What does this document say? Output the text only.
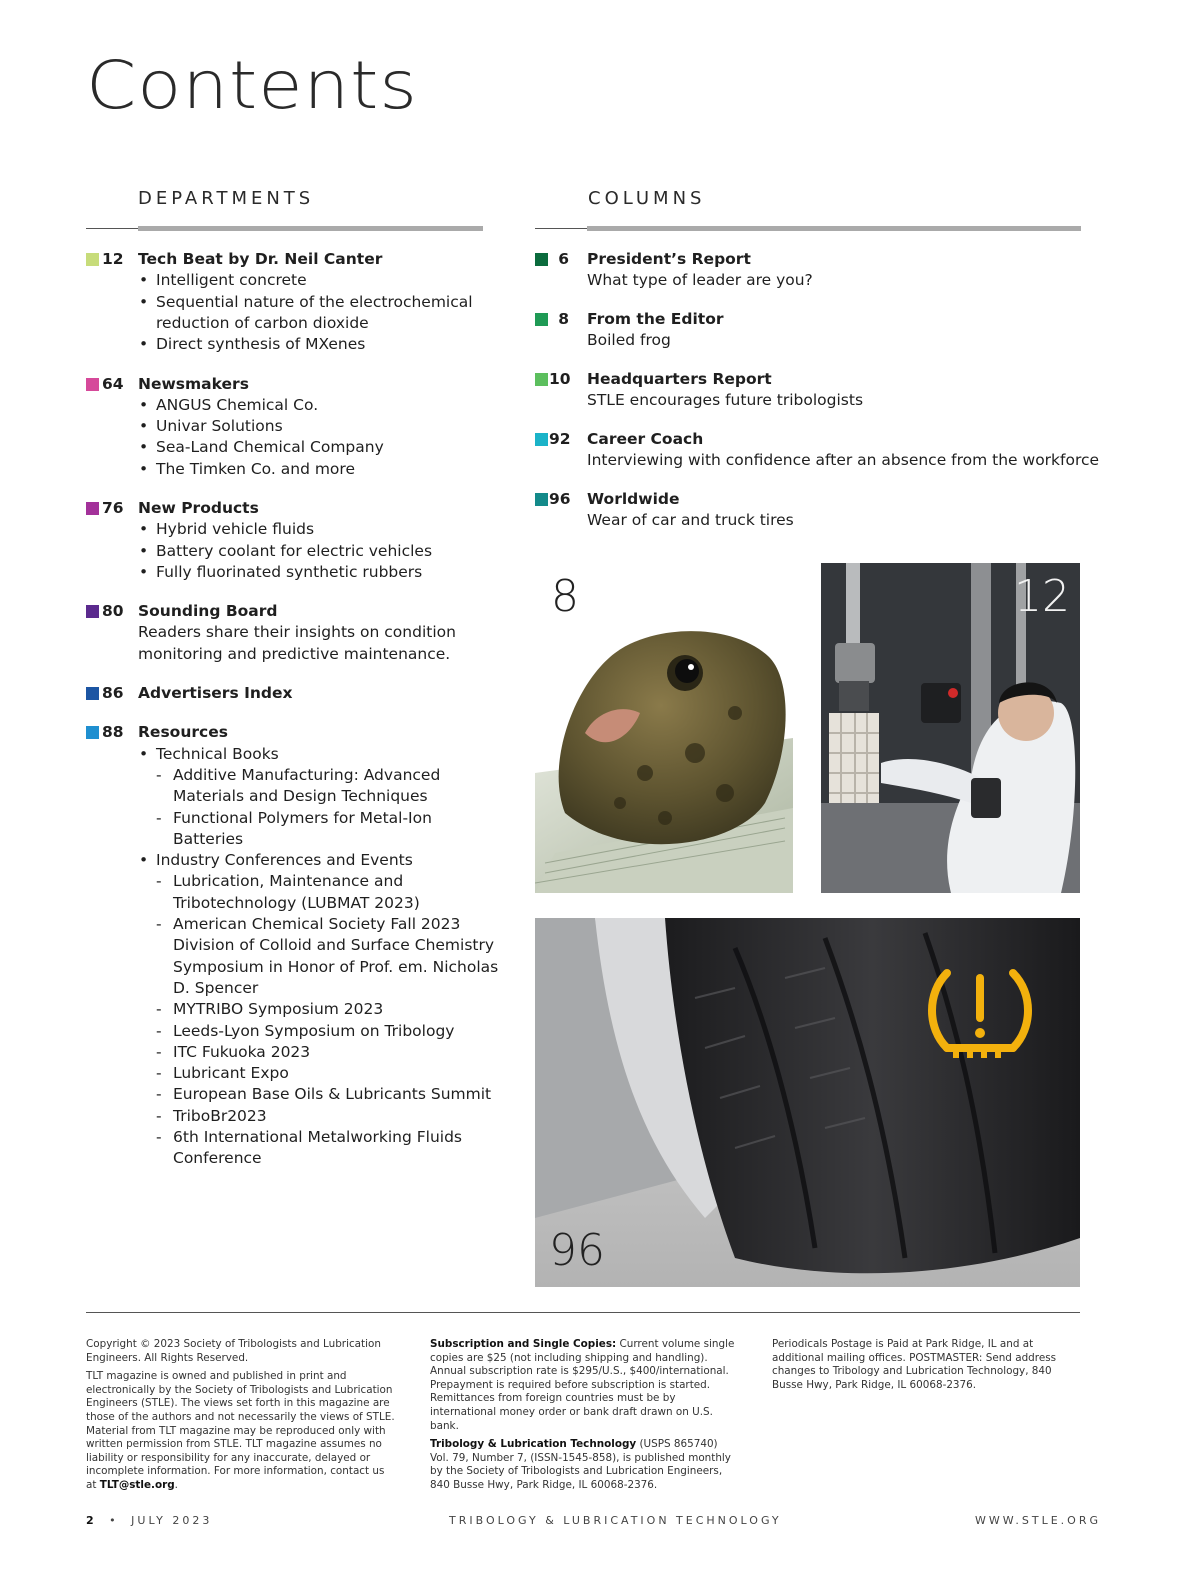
Contents
DEPARTMENTS	COLUMNS
12 Tech Beat by Dr. Neil Canter
• Intelligent concrete
• Sequential nature of the electrochemical
reduction of carbon dioxide
• Direct synthesis of MXenes
64 Newsmakers
• ANGUS Chemical Co.
• Univar Solutions
• Sea-Land Chemical Company
• The Timken Co. and more
76 New Products
• Hybrid vehicle fluids
• Battery coolant for electric vehicles
• Fully fluorinated synthetic rubbers
80 Sounding Board
Readers share their insights on condition
monitoring and predictive maintenance.
86 Advertisers Index
88 Resources
• Technical Books
- Additive Manufacturing: Advanced
Materials and Design Techniques
- Functional Polymers for Metal-Ion
Batteries
• Industry Conferences and Events
- Lubrication, Maintenance and
Tribotechnology (LUBMAT 2023)
- American Chemical Society Fall 2023
Division of Colloid and Surface Chemistry
Symposium in Honor of Prof. em. Nicholas
D. Spencer
- MYTRIBO Symposium 2023
- Leeds-Lyon Symposium on Tribology
- ITC Fukuoka 2023
- Lubricant Expo
- European Base Oils & Lubricants Summit
- TriboBr2023
- 6th International Metalworking Fluids
Conference
6 President’s Report
What type of leader are you?
8 From the Editor
Boiled frog
10 Headquarters Report
STLE encourages future tribologists
92 Career Coach
Interviewing with confidence after an absence from the workforce
96 Worldwide
Wear of car and truck tires
8	12
96

Copyright © 2023 Society of Tribologists and Lubrication Engineers. All Rights Reserved.

TLT magazine is owned and published in print and electronically by the Society of Tribologists and Lubrication Engineers (STLE). The views set forth in this magazine are those of the authors and not necessarily the views of STLE. Material from TLT magazine may be reproduced only with written permission from STLE. TLT magazine assumes no liability or responsibility for any inaccurate, delayed or incomplete information. For more information, contact us at TLT@stle.org.

Subscription and Single Copies: Current volume single copies are $25 (not including shipping and handling). Annual subscription rate is $295/U.S., $400/international. Prepayment is required before subscription is started. Remittances from foreign countries must be by international money order or bank draft drawn on U.S. bank.

Tribology & Lubrication Technology (USPS 865740) Vol. 79, Number 7, (ISSN-1545-858), is published monthly by the Society of Tribologists and Lubrication Engineers, 840 Busse Hwy, Park Ridge, IL 60068-2376.

Periodicals Postage is Paid at Park Ridge, IL and at additional mailing offices. POSTMASTER: Send address changes to Tribology and Lubrication Technology, 840 Busse Hwy, Park Ridge, IL 60068-2376.

2 • JULY 2023	TRIBOLOGY & LUBRICATION TECHNOLOGY	WWW.STLE.ORG
